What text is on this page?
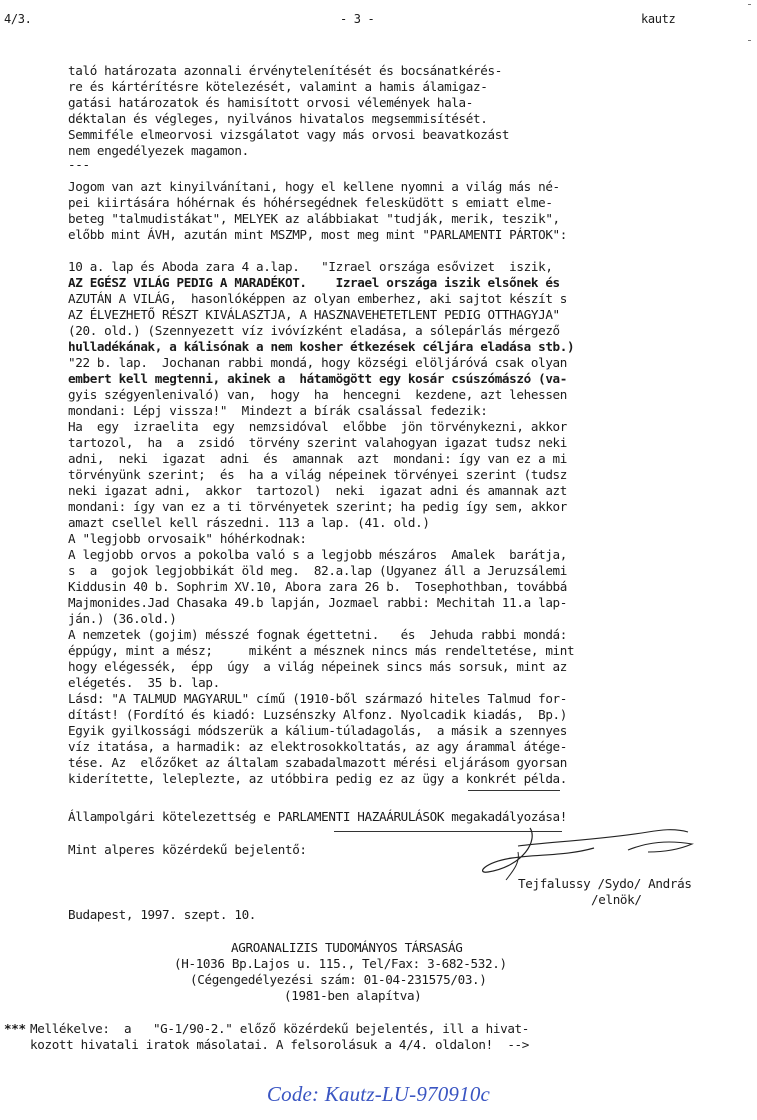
4/3.	- 3 -	kautz
taló határozata azonnali érvénytelenítését és bocsánatkérés-
re és kártérítésre kötelezését, valamint a hamis álamigaz-
gatási határozatok és hamisított orvosi vélemények hala-
déktalan és végleges, nyilvános hivatalos megsemmisítését.
Semmiféle elmeorvosi vizsgálatot vagy más orvosi beavatkozást
nem engedélyezek magamon.
---
Jogom van azt kinyilvánítani, hogy el kellene nyomni a világ más né-
pei kiirtására hóhérnak és hóhérsegédnek felesküdött s emiatt elme-
beteg "talmudistákat", MELYEK az alábbiakat "tudják, merik, teszik",
előbb mint ÁVH, azután mint MSZMP, most meg mint "PARLAMENTI PÁRTOK":
10 a. lap és Aboda zara 4 a.lap.   "Izrael országa esővizet  iszik,
AZ EGÉSZ VILÁG PEDIG A MARADÉKOT.    Izrael országa iszik elsőnek és
AZUTÁN A VILÁG,  hasonlóképpen az olyan emberhez, aki sajtot készít s
AZ ÉLVEZHETŐ RÉSZT KIVÁLASZTJA, A HASZNAVEHETETLENT PEDIG OTTHAGYJA"
(20. old.) (Szennyezett víz ivóvízként eladása, a sólepárlás mérgező
hulladékának, a kálisónak a nem kosher étkezések céljára eladása stb.)
"22 b. lap.  Jochanan rabbi mondá, hogy községi elöljáróvá csak olyan
embert kell megtenni, akinek a  hátamögött egy kosár csúszómászó (va-
gyis szégyenlenivaló) van,  hogy  ha  hencegni  kezdene, azt lehessen
mondani: Lépj vissza!"  Mindezt a bírák csalással fedezik:
Ha  egy  izraelita  egy  nemzsidóval  előbbe  jön törvénykezni, akkor
tartozol,  ha  a  zsidó  törvény szerint valahogyan igazat tudsz neki
adni,  neki  igazat  adni  és  amannak  azt  mondani: így van ez a mi
törvényünk szerint;  és  ha a világ népeinek törvényei szerint (tudsz
neki igazat adni,  akkor  tartozol)  neki  igazat adni és amannak azt
mondani: így van ez a ti törvényetek szerint; ha pedig így sem, akkor
amazt csellel kell rászedni. 113 a lap. (41. old.)
A "legjobb orvosaik" hóhérkodnak:
A legjobb orvos a pokolba való s a legjobb mészáros  Amalek  barátja,
s  a  gojok legjobbikát öld meg.  82.a.lap (Ugyanez áll a Jeruzsálemi
Kiddusin 40 b. Sophrim XV.10, Abora zara 26 b.  Tosephothban, továbbá
Majmonides.Jad Chasaka 49.b lapján, Jozmael rabbi: Mechitah 11.a lap-
ján.) (36.old.)
A nemzetek (gojim) mésszé fognak égettetni.   és  Jehuda rabbi mondá:
éppúgy, mint a mész;     miként a mésznek nincs más rendeltetése, mint
hogy elégessék,  épp  úgy  a világ népeinek sincs más sorsuk, mint az
elégetés.  35 b. lap.
Lásd: "A TALMUD MAGYARUL" című (1910-ből származó hiteles Talmud for-
dítást! (Fordító és kiadó: Luzsénszky Alfonz. Nyolcadik kiadás,  Bp.)
Egyik gyilkossági módszerük a kálium-túladagolás,  a másik a szennyes
víz itatása, a harmadik: az elektrosokkoltatás, az agy árammal átége-
tése. Az  előzőket az általam szabadalmazott mérési eljárásom gyorsan
kiderítette, leleplezte, az utóbbira pedig ez az ügy a konkrét példa.
Állampolgári kötelezettség e PARLAMENTI HAZAÁRULÁSOK megakadályozása!
Mint alperes közérdekű bejelentő:
Tejfalussy /Sydo/ András
/elnök/
Budapest, 1997. szept. 10.
AGROANALIZIS TUDOMÁNYOS TÁRSASÁG
(H-1036 Bp.Lajos u. 115., Tel/Fax: 3-682-532.)
(Cégengedélyezési szám: 01-04-231575/03.)
(1981-ben alapítva)
*** Mellékelve:  a   "G-1/90-2." előző közérdekű bejelentés, ill a hivat-
kozott hivatali iratok másolatai. A felsorolásuk a 4/4. oldalon!  -->
Code: Kautz-LU-970910c
